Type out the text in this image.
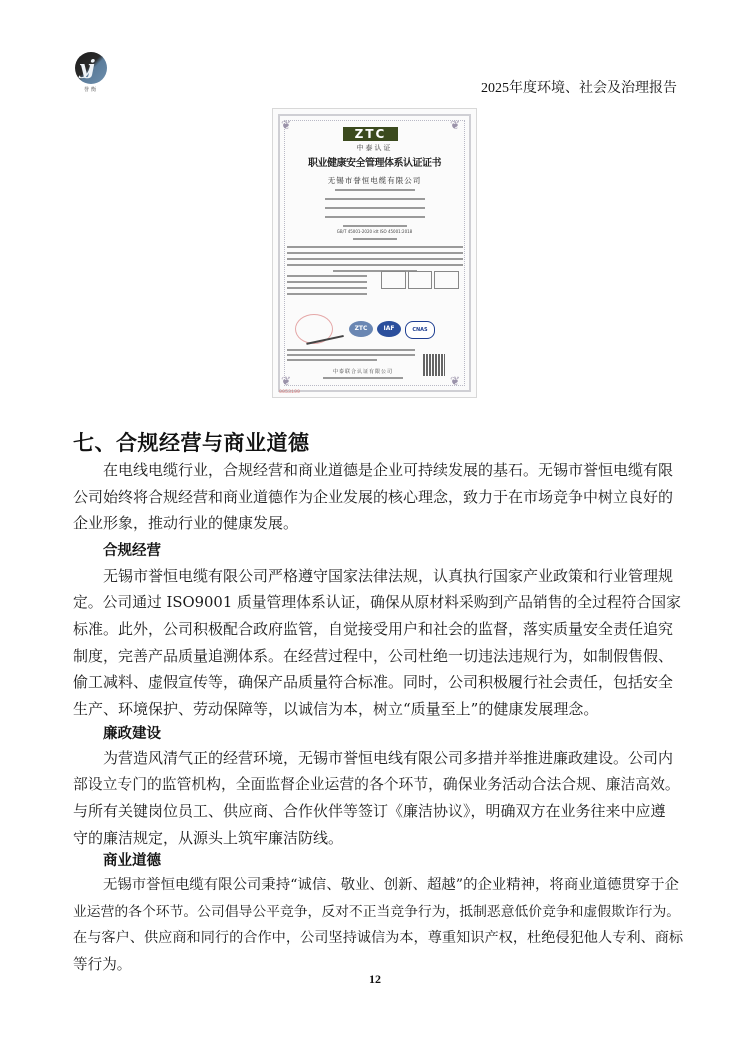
yj
誉衡	2025年度环境、社会及治理报告
❦	❦
❦	❦
ZTC
中泰认证
职业健康安全管理体系认证证书

无锡市誉恒电缆有限公司
GB/T 45001-2020 idt ISO 45001:2018
ZTC	IAF	CNAS
中泰联合认证有限公司
0053199
七、合规经营与商业道德
在电线电缆行业，合规经营和商业道德是企业可持续发展的基石。无锡市誉恒电缆有限
公司始终将合规经营和商业道德作为企业发展的核心理念，致力于在市场竞争中树立良好的
企业形象，推动行业的健康发展。
合规经营
无锡市誉恒电缆有限公司严格遵守国家法律法规，认真执行国家产业政策和行业管理规
定。公司通过 ISO9001 质量管理体系认证，确保从原材料采购到产品销售的全过程符合国家
标准。此外，公司积极配合政府监管，自觉接受用户和社会的监督，落实质量安全责任追究
制度，完善产品质量追溯体系。在经营过程中，公司杜绝一切违法违规行为，如制假售假、
偷工减料、虚假宣传等，确保产品质量符合标准。同时，公司积极履行社会责任，包括安全
生产、环境保护、劳动保障等，以诚信为本，树立“质量至上”的健康发展理念。
廉政建设
为营造风清气正的经营环境，无锡市誉恒电线有限公司多措并举推进廉政建设。公司内
部设立专门的监管机构，全面监督企业运营的各个环节，确保业务活动合法合规、廉洁高效。
与所有关键岗位员工、供应商、合作伙伴等签订《廉洁协议》，明确双方在业务往来中应遵
守的廉洁规定，从源头上筑牢廉洁防线。
商业道德
无锡市誉恒电缆有限公司秉持“诚信、敬业、创新、超越”的企业精神，将商业道德贯穿于企
业运营的各个环节。公司倡导公平竞争，反对不正当竞争行为，抵制恶意低价竞争和虚假欺诈行为。
在与客户、供应商和同行的合作中，公司坚持诚信为本，尊重知识产权，杜绝侵犯他人专利、商标
等行为。
12
